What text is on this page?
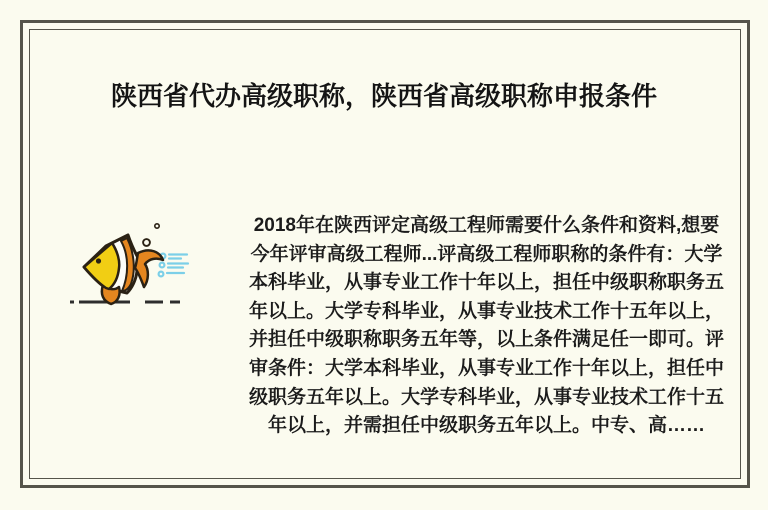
陕西省代办高级职称，陕西省高级职称申报条件
2018年在陕西评定高级工程师需要什么条件和资料,想要
今年评审高级工程师...评高级工程师职称的条件有：大学
本科毕业，从事专业工作十年以上，担任中级职称职务五
年以上。大学专科毕业，从事专业技术工作十五年以上，
并担任中级职称职务五年等，以上条件满足任一即可。评
审条件：大学本科毕业，从事专业工作十年以上，担任中
级职务五年以上。大学专科毕业，从事专业技术工作十五
年以上，并需担任中级职务五年以上。中专、高……
